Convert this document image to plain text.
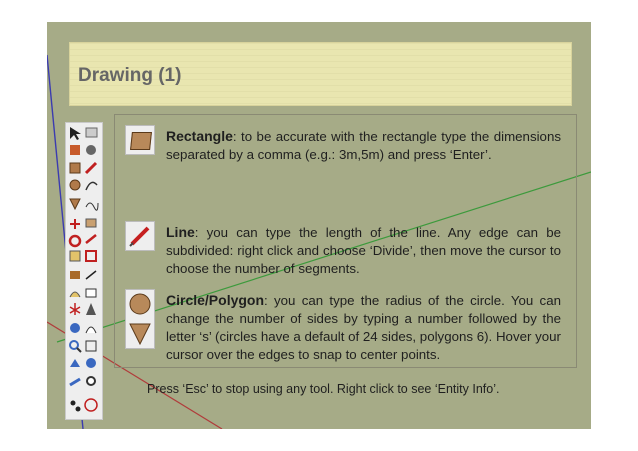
Drawing (1)
Rectangle: to be accurate with the rectangle type the dimensions separated by a comma (e.g.: 3m,5m) and press ‘Enter’.
Line: you can type the length of the line. Any edge can be subdivided: right click and choose ‘Divide’, then move the cursor to choose the number of segments.
Circle/Polygon: you can type the radius of the circle. You can change the number of sides by typing a number followed by the letter ‘s’ (circles have a default of 24 sides, polygons 6). Hover your cursor over the edges to snap to center points.
Press ‘Esc’ to stop using any tool. Right click to see ‘Entity Info’.
